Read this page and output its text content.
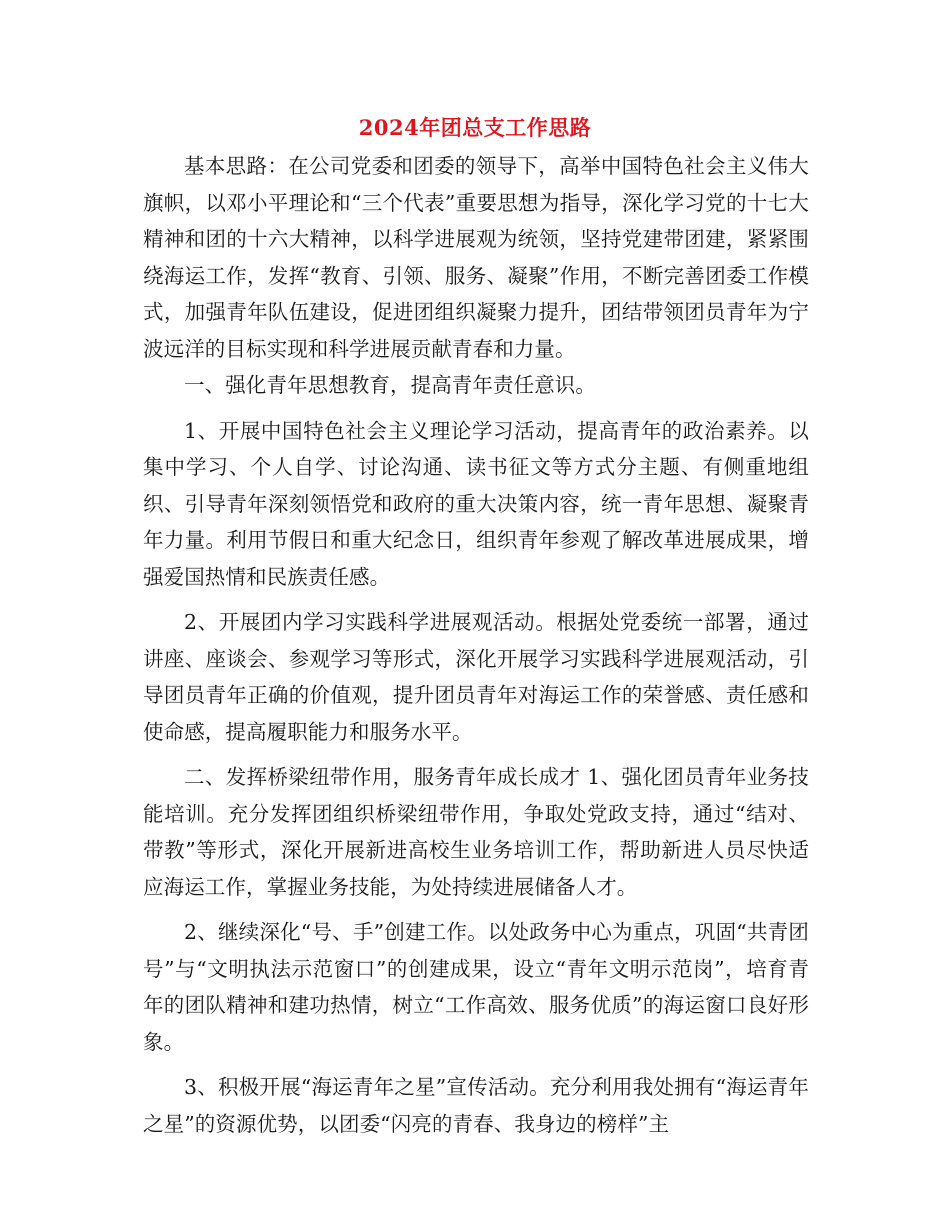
2024年团总支工作思路

基本思路：在公司党委和团委的领导下，高举中国特色社会主义伟大旗帜，以邓小平理论和“三个代表”重要思想为指导，深化学习党的十七大精神和团的十六大精神，以科学进展观为统领，坚持党建带团建，紧紧围绕海运工作，发挥“教育、引领、服务、凝聚”作用，不断完善团委工作模式，加强青年队伍建设，促进团组织凝聚力提升，团结带领团员青年为宁波远洋的目标实现和科学进展贡献青春和力量。

一、强化青年思想教育，提高青年责任意识。

1、开展中国特色社会主义理论学习活动，提高青年的政治素养。以集中学习、个人自学、讨论沟通、读书征文等方式分主题、有侧重地组织、引导青年深刻领悟党和政府的重大决策内容，统一青年思想、凝聚青年力量。利用节假日和重大纪念日，组织青年参观了解改革进展成果，增强爱国热情和民族责任感。

2、开展团内学习实践科学进展观活动。根据处党委统一部署，通过讲座、座谈会、参观学习等形式，深化开展学习实践科学进展观活动，引导团员青年正确的价值观，提升团员青年对海运工作的荣誉感、责任感和使命感，提高履职能力和服务水平。

二、发挥桥梁纽带作用，服务青年成长成才 1、强化团员青年业务技能培训。充分发挥团组织桥梁纽带作用，争取处党政支持，通过“结对、带教”等形式，深化开展新进高校生业务培训工作，帮助新进人员尽快适应海运工作，掌握业务技能，为处持续进展储备人才。

2、继续深化“号、手”创建工作。以处政务中心为重点，巩固“共青团号”与“文明执法示范窗口”的创建成果，设立“青年文明示范岗”，培育青年的团队精神和建功热情，树立“工作高效、服务优质”的海运窗口良好形象。

3、积极开展“海运青年之星”宣传活动。充分利用我处拥有“海运青年之星”的资源优势，以团委“闪亮的青春、我身边的榜样”主
